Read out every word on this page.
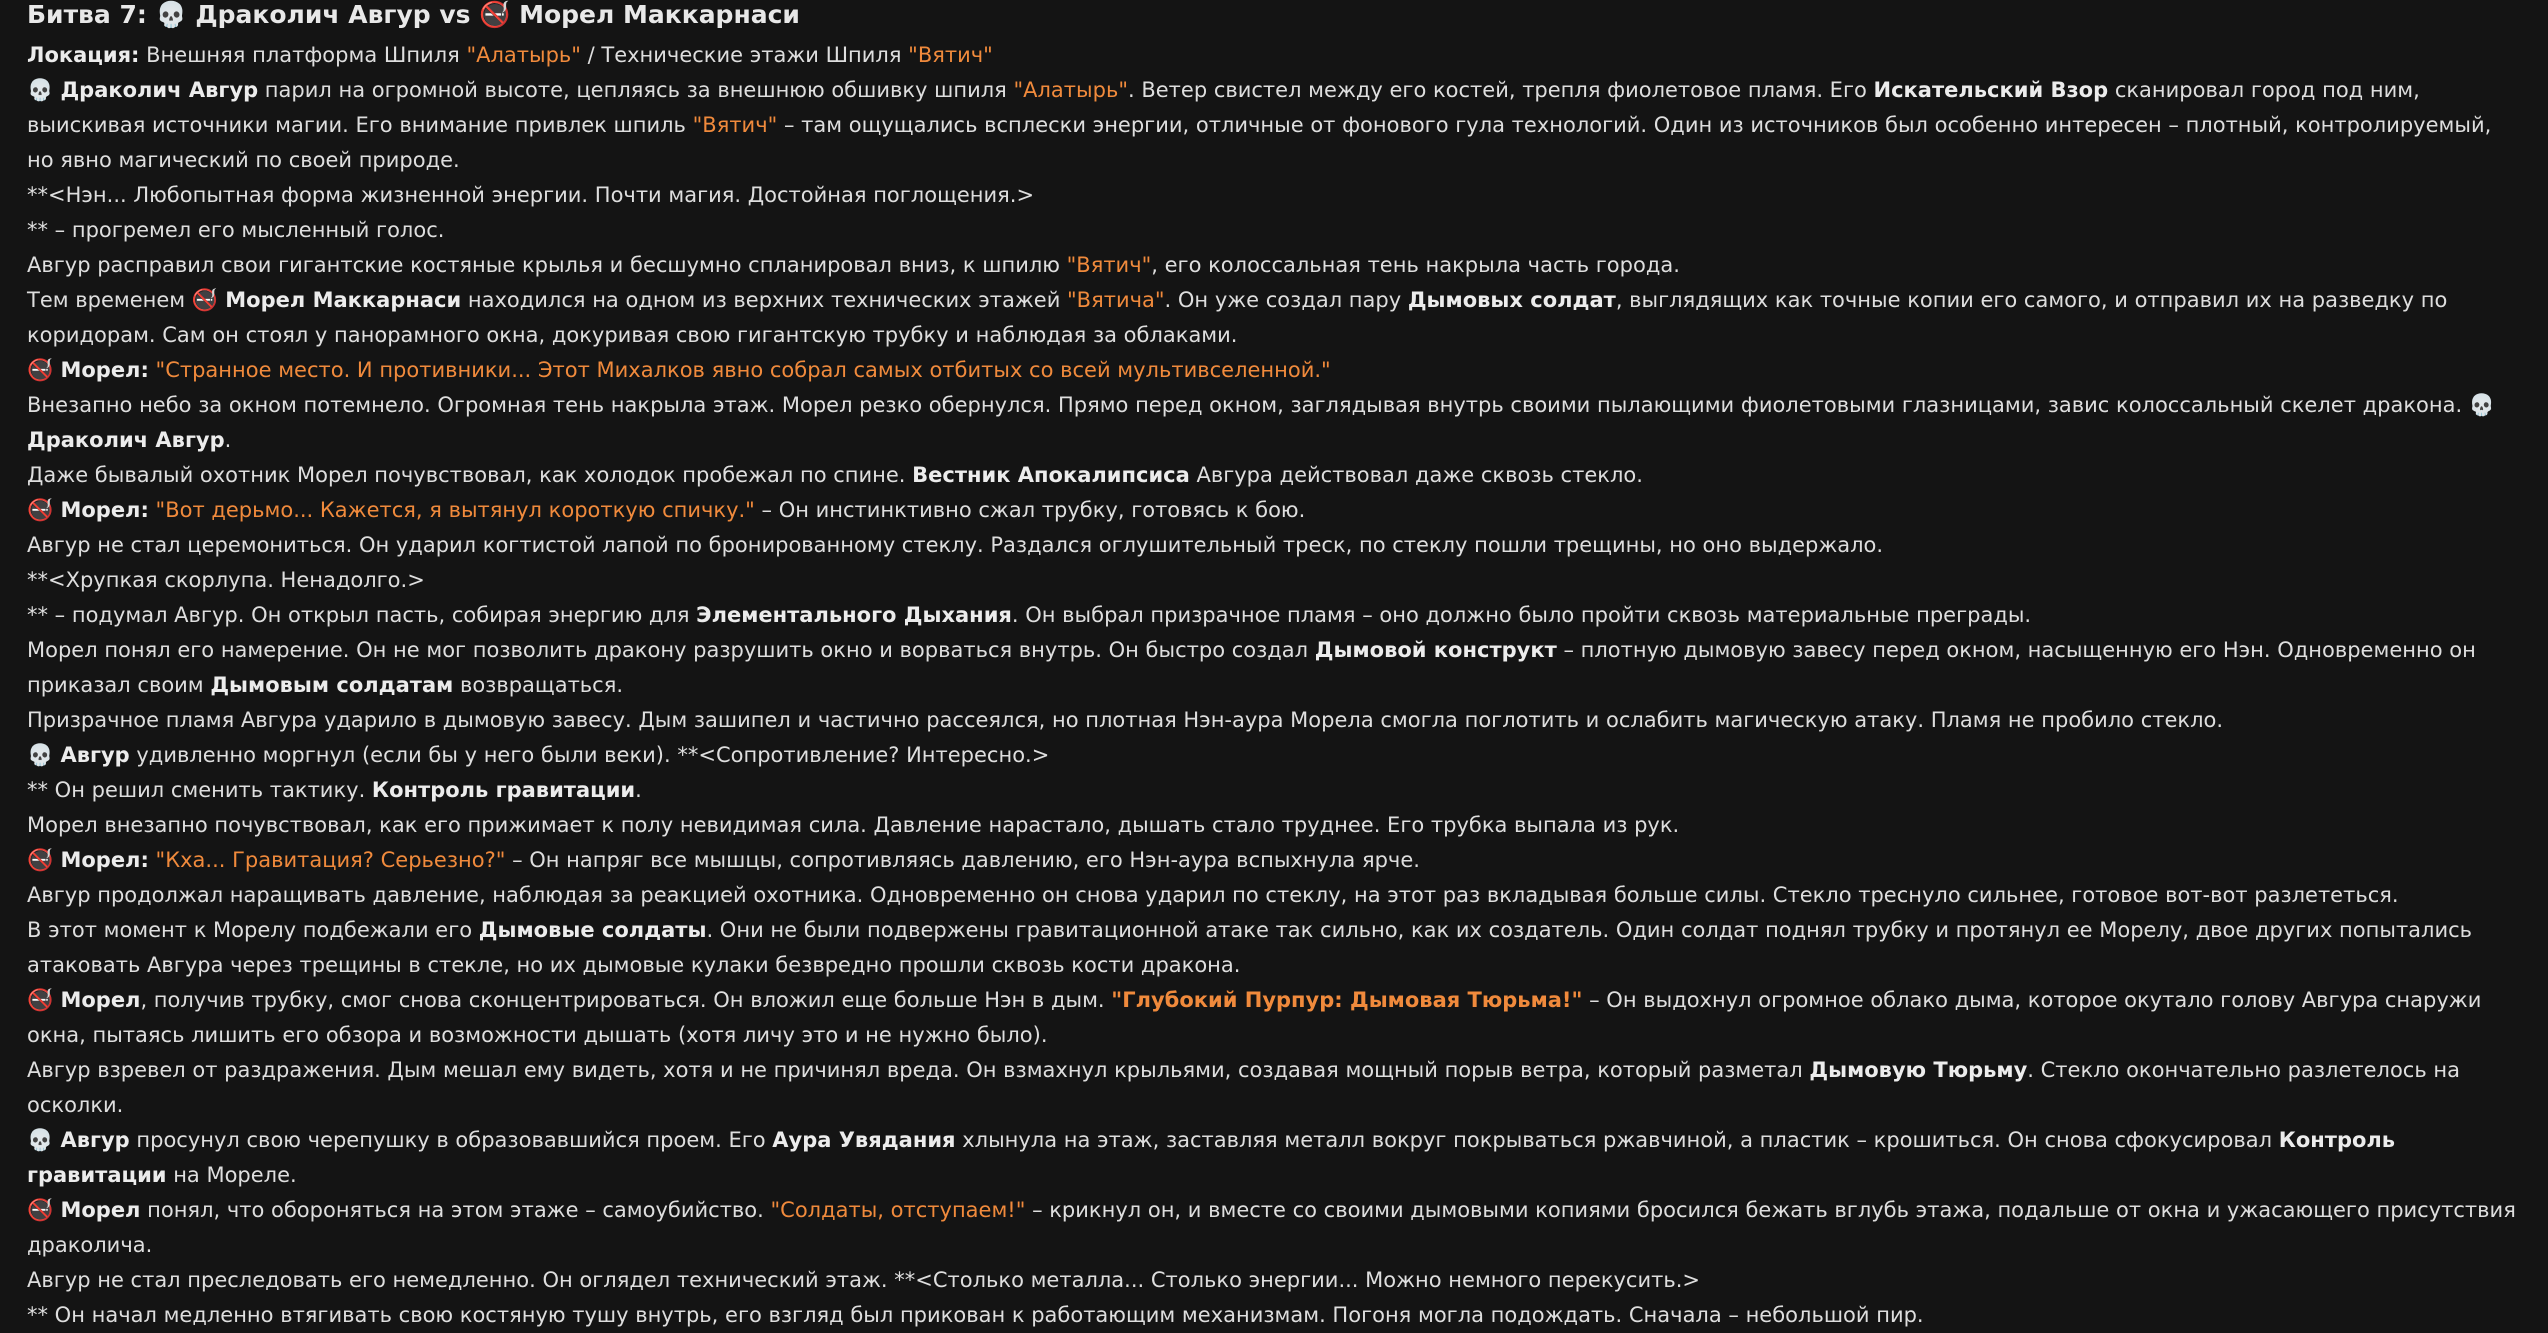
Битва 7: 💀 Драколич Авгур vs 🚭 Морел Маккарнаси
Локация: Внешняя платформа Шпиля "Алатырь" / Технические этажи Шпиля "Вятич"
💀 Драколич Авгур парил на огромной высоте, цепляясь за внешнюю обшивку шпиля "Алатырь". Ветер свистел между его костей, трепля фиолетовое пламя. Его Искательский Взор сканировал город под ним, выискивая источники магии. Его внимание привлек шпиль "Вятич" – там ощущались всплески энергии, отличные от фонового гула технологий. Один из источников был особенно интересен – плотный, контролируемый, но явно магический по своей природе.
**<Нэн... Любопытная форма жизненной энергии. Почти магия. Достойная поглощения.>
** – прогремел его мысленный голос.
Авгур расправил свои гигантские костяные крылья и бесшумно спланировал вниз, к шпилю "Вятич", его колоссальная тень накрыла часть города.
Тем временем 🚭 Морел Маккарнаси находился на одном из верхних технических этажей "Вятича". Он уже создал пару Дымовых солдат, выглядящих как точные копии его самого, и отправил их на разведку по коридорам. Сам он стоял у панорамного окна, докуривая свою гигантскую трубку и наблюдая за облаками.
🚭 Морел: "Странное место. И противники... Этот Михалков явно собрал самых отбитых со всей мультивселенной."
Внезапно небо за окном потемнело. Огромная тень накрыла этаж. Морел резко обернулся. Прямо перед окном, заглядывая внутрь своими пылающими фиолетовыми глазницами, завис колоссальный скелет дракона. 💀 Драколич Авгур.
Даже бывалый охотник Морел почувствовал, как холодок пробежал по спине. Вестник Апокалипсиса Авгура действовал даже сквозь стекло.
🚭 Морел: "Вот дерьмо... Кажется, я вытянул короткую спичку." – Он инстинктивно сжал трубку, готовясь к бою.
Авгур не стал церемониться. Он ударил когтистой лапой по бронированному стеклу. Раздался оглушительный треск, по стеклу пошли трещины, но оно выдержало.
**<Хрупкая скорлупа. Ненадолго.>
** – подумал Авгур. Он открыл пасть, собирая энергию для Элементального Дыхания. Он выбрал призрачное пламя – оно должно было пройти сквозь материальные преграды.
Морел понял его намерение. Он не мог позволить дракону разрушить окно и ворваться внутрь. Он быстро создал Дымовой конструкт – плотную дымовую завесу перед окном, насыщенную его Нэн. Одновременно он приказал своим Дымовым солдатам возвращаться.
Призрачное пламя Авгура ударило в дымовую завесу. Дым зашипел и частично рассеялся, но плотная Нэн-аура Морела смогла поглотить и ослабить магическую атаку. Пламя не пробило стекло.
💀 Авгур удивленно моргнул (если бы у него были веки). **<Сопротивление? Интересно.>
** Он решил сменить тактику. Контроль гравитации.
Морел внезапно почувствовал, как его прижимает к полу невидимая сила. Давление нарастало, дышать стало труднее. Его трубка выпала из рук.
🚭 Морел: "Кха... Гравитация? Серьезно?" – Он напряг все мышцы, сопротивляясь давлению, его Нэн-аура вспыхнула ярче.
Авгур продолжал наращивать давление, наблюдая за реакцией охотника. Одновременно он снова ударил по стеклу, на этот раз вкладывая больше силы. Стекло треснуло сильнее, готовое вот-вот разлететься.
В этот момент к Морелу подбежали его Дымовые солдаты. Они не были подвержены гравитационной атаке так сильно, как их создатель. Один солдат поднял трубку и протянул ее Морелу, двое других попытались атаковать Авгура через трещины в стекле, но их дымовые кулаки безвредно прошли сквозь кости дракона.
🚭 Морел, получив трубку, смог снова сконцентрироваться. Он вложил еще больше Нэн в дым. "Глубокий Пурпур: Дымовая Тюрьма!" – Он выдохнул огромное облако дыма, которое окутало голову Авгура снаружи окна, пытаясь лишить его обзора и возможности дышать (хотя личу это и не нужно было).
Авгур взревел от раздражения. Дым мешал ему видеть, хотя и не причинял вреда. Он взмахнул крыльями, создавая мощный порыв ветра, который разметал Дымовую Тюрьму. Стекло окончательно разлетелось на осколки.
💀 Авгур просунул свою черепушку в образовавшийся проем. Его Аура Увядания хлынула на этаж, заставляя металл вокруг покрываться ржавчиной, а пластик – крошиться. Он снова сфокусировал Контроль гравитации на Мореле.
🚭 Морел понял, что обороняться на этом этаже – самоубийство. "Солдаты, отступаем!" – крикнул он, и вместе со своими дымовыми копиями бросился бежать вглубь этажа, подальше от окна и ужасающего присутствия драколича.
Авгур не стал преследовать его немедленно. Он оглядел технический этаж. **<Столько металла... Столько энергии... Можно немного перекусить.>
** Он начал медленно втягивать свою костяную тушу внутрь, его взгляд был прикован к работающим механизмам. Погоня могла подождать. Сначала – небольшой пир.
